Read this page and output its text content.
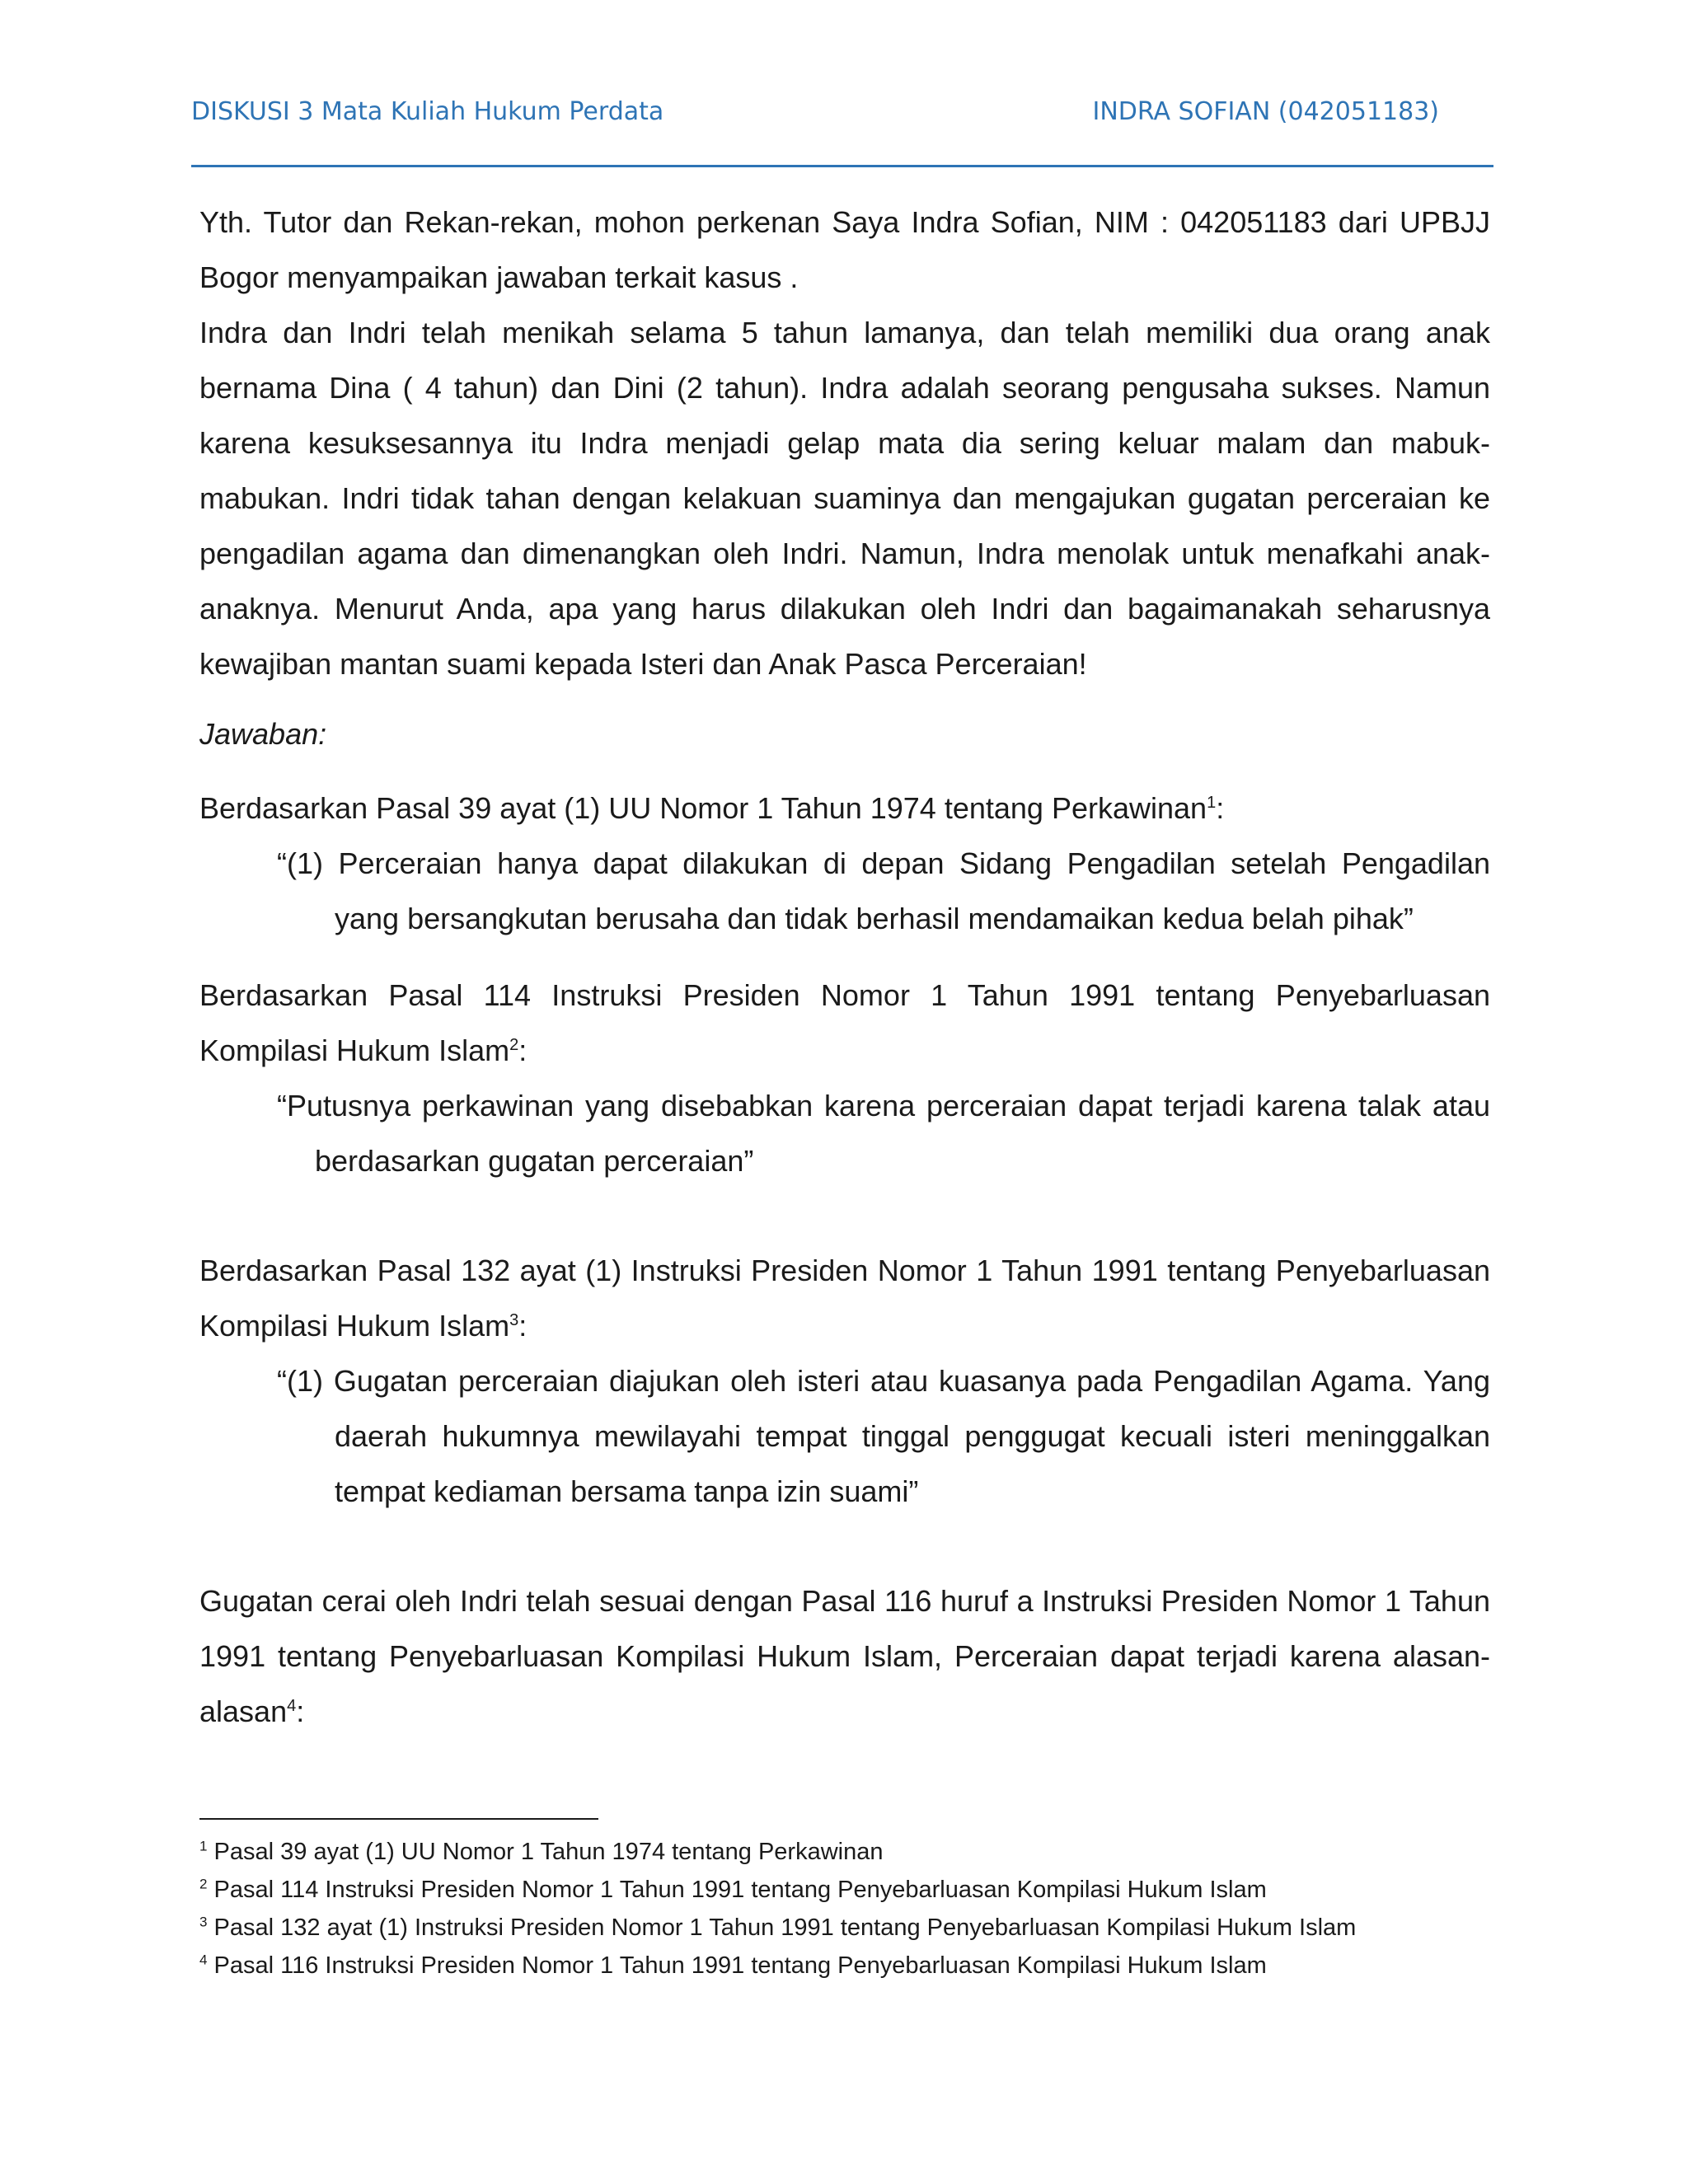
DISKUSI 3 Mata Kuliah Hukum Perdata	INDRA SOFIAN (042051183)

Yth. Tutor dan Rekan-rekan, mohon perkenan Saya Indra Sofian, NIM : 042051183 dari UPBJJ Bogor menyampaikan jawaban terkait kasus .

Indra dan Indri telah menikah selama 5 tahun lamanya, dan telah memiliki dua orang anak bernama Dina ( 4 tahun) dan Dini (2 tahun). Indra adalah seorang pengusaha sukses. Namun karena kesuksesannya itu Indra menjadi gelap mata dia sering keluar malam dan mabuk-mabukan. Indri tidak tahan dengan kelakuan suaminya dan mengajukan gugatan perceraian ke pengadilan agama dan dimenangkan oleh Indri. Namun, Indra menolak untuk menafkahi anak-anaknya. Menurut Anda, apa yang harus dilakukan oleh Indri dan bagaimanakah seharusnya kewajiban mantan suami kepada Isteri dan Anak Pasca Perceraian!

Jawaban:

Berdasarkan Pasal 39 ayat (1) UU Nomor 1 Tahun 1974 tentang Perkawinan$^1$:

“(1) Perceraian hanya dapat dilakukan di depan Sidang Pengadilan setelah Pengadilan
yang bersangkutan berusaha dan tidak berhasil mendamaikan kedua belah pihak”

Berdasarkan Pasal 114 Instruksi Presiden Nomor 1 Tahun 1991 tentang Penyebarluasan Kompilasi Hukum Islam$^2$:

“Putusnya perkawinan yang disebabkan karena perceraian dapat terjadi karena talak atau
berdasarkan gugatan perceraian”

Berdasarkan Pasal 132 ayat (1) Instruksi Presiden Nomor 1 Tahun 1991 tentang Penyebarluasan Kompilasi Hukum Islam$^3$:

“(1) Gugatan perceraian diajukan oleh isteri atau kuasanya pada Pengadilan Agama. Yang
daerah hukumnya mewilayahi tempat tinggal penggugat kecuali isteri meninggalkan
tempat kediaman bersama tanpa izin suami”

Gugatan cerai oleh Indri telah sesuai dengan Pasal 116 huruf a Instruksi Presiden Nomor 1 Tahun 1991 tentang Penyebarluasan Kompilasi Hukum Islam, Perceraian dapat terjadi karena alasan-alasan$^4$:

$^1$ Pasal 39 ayat (1) UU Nomor 1 Tahun 1974 tentang Perkawinan
$^2$ Pasal 114 Instruksi Presiden Nomor 1 Tahun 1991 tentang Penyebarluasan Kompilasi Hukum Islam
$^3$ Pasal 132 ayat (1) Instruksi Presiden Nomor 1 Tahun 1991 tentang Penyebarluasan Kompilasi Hukum Islam
$^4$ Pasal 116 Instruksi Presiden Nomor 1 Tahun 1991 tentang Penyebarluasan Kompilasi Hukum Islam
